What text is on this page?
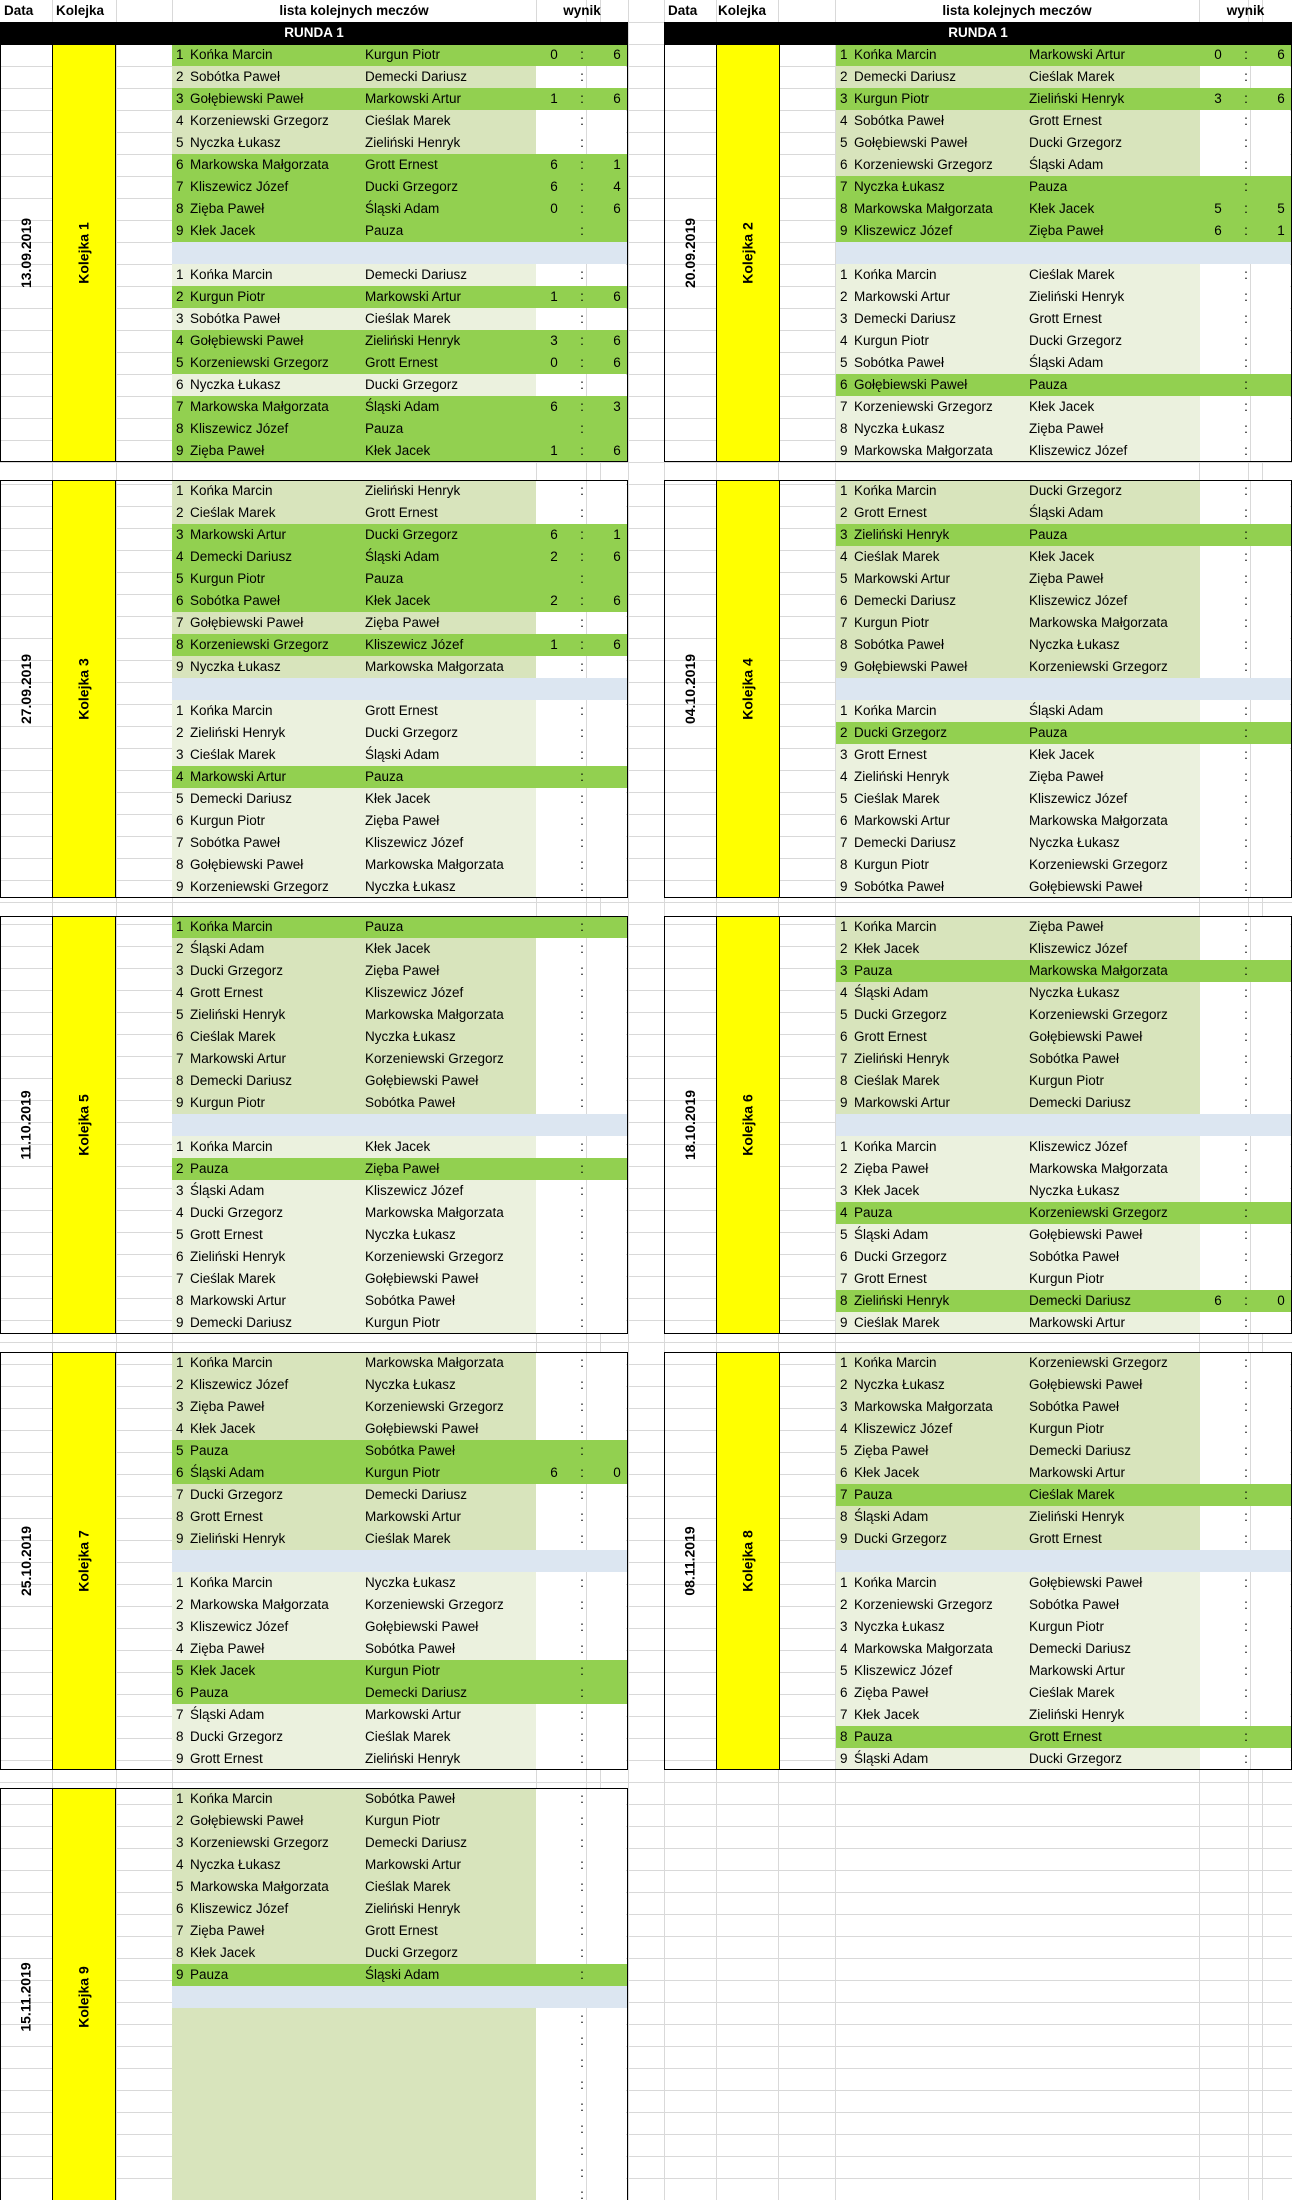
Data	Kolejka	lista kolejnych meczów	wynik	Data	Kolejka	lista kolejnych meczów	wynik
RUNDA 1	RUNDA 1
13.09.2019	Kolejka 1
1 Końka Marcin	Kurgun Piotr	0	:	6
2 Sobótka Paweł	Demecki Dariusz	:
3 Gołębiewski Paweł	Markowski Artur	1	:	6
4 Korzeniewski Grzegorz	Cieślak Marek	:
5 Nyczka Łukasz	Zieliński Henryk	:
6 Markowska Małgorzata	Grott Ernest	6	:	1
7 Kliszewicz Józef	Ducki Grzegorz	6	:	4
8 Zięba Paweł	Śląski Adam	0	:	6
9 Kłek Jacek	Pauza	:
1 Końka Marcin	Demecki Dariusz	:
2 Kurgun Piotr	Markowski Artur	1	:	6
3 Sobótka Paweł	Cieślak Marek	:
4 Gołębiewski Paweł	Zieliński Henryk	3	:	6
5 Korzeniewski Grzegorz	Grott Ernest	0	:	6
6 Nyczka Łukasz	Ducki Grzegorz	:
7 Markowska Małgorzata	Śląski Adam	6	:	3
8 Kliszewicz Józef	Pauza	:
9 Zięba Paweł	Kłek Jacek	1	:	6
20.09.2019	Kolejka 2
1 Końka Marcin	Markowski Artur	0	:	6
2 Demecki Dariusz	Cieślak Marek	:
3 Kurgun Piotr	Zieliński Henryk	3	:	6
4 Sobótka Paweł	Grott Ernest	:
5 Gołębiewski Paweł	Ducki Grzegorz	:
6 Korzeniewski Grzegorz	Śląski Adam	:
7 Nyczka Łukasz	Pauza	:
8 Markowska Małgorzata	Kłek Jacek	5	:	5
9 Kliszewicz Józef	Zięba Paweł	6	:	1
1 Końka Marcin	Cieślak Marek	:
2 Markowski Artur	Zieliński Henryk	:
3 Demecki Dariusz	Grott Ernest	:
4 Kurgun Piotr	Ducki Grzegorz	:
5 Sobótka Paweł	Śląski Adam	:
6 Gołębiewski Paweł	Pauza	:
7 Korzeniewski Grzegorz	Kłek Jacek	:
8 Nyczka Łukasz	Zięba Paweł	:
9 Markowska Małgorzata	Kliszewicz Józef	:
27.09.2019	Kolejka 3
1 Końka Marcin	Zieliński Henryk	:
2 Cieślak Marek	Grott Ernest	:
3 Markowski Artur	Ducki Grzegorz	6	:	1
4 Demecki Dariusz	Śląski Adam	2	:	6
5 Kurgun Piotr	Pauza	:
6 Sobótka Paweł	Kłek Jacek	2	:	6
7 Gołębiewski Paweł	Zięba Paweł	:
8 Korzeniewski Grzegorz	Kliszewicz Józef	1	:	6
9 Nyczka Łukasz	Markowska Małgorzata	:
1 Końka Marcin	Grott Ernest	:
2 Zieliński Henryk	Ducki Grzegorz	:
3 Cieślak Marek	Śląski Adam	:
4 Markowski Artur	Pauza	:
5 Demecki Dariusz	Kłek Jacek	:
6 Kurgun Piotr	Zięba Paweł	:
7 Sobótka Paweł	Kliszewicz Józef	:
8 Gołębiewski Paweł	Markowska Małgorzata	:
9 Korzeniewski Grzegorz	Nyczka Łukasz	:
04.10.2019	Kolejka 4
1 Końka Marcin	Ducki Grzegorz	:
2 Grott Ernest	Śląski Adam	:
3 Zieliński Henryk	Pauza	:
4 Cieślak Marek	Kłek Jacek	:
5 Markowski Artur	Zięba Paweł	:
6 Demecki Dariusz	Kliszewicz Józef	:
7 Kurgun Piotr	Markowska Małgorzata	:
8 Sobótka Paweł	Nyczka Łukasz	:
9 Gołębiewski Paweł	Korzeniewski Grzegorz	:
1 Końka Marcin	Śląski Adam	:
2 Ducki Grzegorz	Pauza	:
3 Grott Ernest	Kłek Jacek	:
4 Zieliński Henryk	Zięba Paweł	:
5 Cieślak Marek	Kliszewicz Józef	:
6 Markowski Artur	Markowska Małgorzata	:
7 Demecki Dariusz	Nyczka Łukasz	:
8 Kurgun Piotr	Korzeniewski Grzegorz	:
9 Sobótka Paweł	Gołębiewski Paweł	:
11.10.2019	Kolejka 5
1 Końka Marcin	Pauza	:
2 Śląski Adam	Kłek Jacek	:
3 Ducki Grzegorz	Zięba Paweł	:
4 Grott Ernest	Kliszewicz Józef	:
5 Zieliński Henryk	Markowska Małgorzata	:
6 Cieślak Marek	Nyczka Łukasz	:
7 Markowski Artur	Korzeniewski Grzegorz	:
8 Demecki Dariusz	Gołębiewski Paweł	:
9 Kurgun Piotr	Sobótka Paweł	:
1 Końka Marcin	Kłek Jacek	:
2 Pauza	Zięba Paweł	:
3 Śląski Adam	Kliszewicz Józef	:
4 Ducki Grzegorz	Markowska Małgorzata	:
5 Grott Ernest	Nyczka Łukasz	:
6 Zieliński Henryk	Korzeniewski Grzegorz	:
7 Cieślak Marek	Gołębiewski Paweł	:
8 Markowski Artur	Sobótka Paweł	:
9 Demecki Dariusz	Kurgun Piotr	:
18.10.2019	Kolejka 6
1 Końka Marcin	Zięba Paweł	:
2 Kłek Jacek	Kliszewicz Józef	:
3 Pauza	Markowska Małgorzata	:
4 Śląski Adam	Nyczka Łukasz	:
5 Ducki Grzegorz	Korzeniewski Grzegorz	:
6 Grott Ernest	Gołębiewski Paweł	:
7 Zieliński Henryk	Sobótka Paweł	:
8 Cieślak Marek	Kurgun Piotr	:
9 Markowski Artur	Demecki Dariusz	:
1 Końka Marcin	Kliszewicz Józef	:
2 Zięba Paweł	Markowska Małgorzata	:
3 Kłek Jacek	Nyczka Łukasz	:
4 Pauza	Korzeniewski Grzegorz	:
5 Śląski Adam	Gołębiewski Paweł	:
6 Ducki Grzegorz	Sobótka Paweł	:
7 Grott Ernest	Kurgun Piotr	:
8 Zieliński Henryk	Demecki Dariusz	6	:	0
9 Cieślak Marek	Markowski Artur	:
25.10.2019	Kolejka 7
1 Końka Marcin	Markowska Małgorzata	:
2 Kliszewicz Józef	Nyczka Łukasz	:
3 Zięba Paweł	Korzeniewski Grzegorz	:
4 Kłek Jacek	Gołębiewski Paweł	:
5 Pauza	Sobótka Paweł	:
6 Śląski Adam	Kurgun Piotr	6	:	0
7 Ducki Grzegorz	Demecki Dariusz	:
8 Grott Ernest	Markowski Artur	:
9 Zieliński Henryk	Cieślak Marek	:
1 Końka Marcin	Nyczka Łukasz	:
2 Markowska Małgorzata	Korzeniewski Grzegorz	:
3 Kliszewicz Józef	Gołębiewski Paweł	:
4 Zięba Paweł	Sobótka Paweł	:
5 Kłek Jacek	Kurgun Piotr	:
6 Pauza	Demecki Dariusz	:
7 Śląski Adam	Markowski Artur	:
8 Ducki Grzegorz	Cieślak Marek	:
9 Grott Ernest	Zieliński Henryk	:
08.11.2019	Kolejka 8
1 Końka Marcin	Korzeniewski Grzegorz	:
2 Nyczka Łukasz	Gołębiewski Paweł	:
3 Markowska Małgorzata	Sobótka Paweł	:
4 Kliszewicz Józef	Kurgun Piotr	:
5 Zięba Paweł	Demecki Dariusz	:
6 Kłek Jacek	Markowski Artur	:
7 Pauza	Cieślak Marek	:
8 Śląski Adam	Zieliński Henryk	:
9 Ducki Grzegorz	Grott Ernest	:
1 Końka Marcin	Gołębiewski Paweł	:
2 Korzeniewski Grzegorz	Sobótka Paweł	:
3 Nyczka Łukasz	Kurgun Piotr	:
4 Markowska Małgorzata	Demecki Dariusz	:
5 Kliszewicz Józef	Markowski Artur	:
6 Zięba Paweł	Cieślak Marek	:
7 Kłek Jacek	Zieliński Henryk	:
8 Pauza	Grott Ernest	:
9 Śląski Adam	Ducki Grzegorz	:
15.11.2019	Kolejka 9
1 Końka Marcin	Sobótka Paweł	:
2 Gołębiewski Paweł	Kurgun Piotr	:
3 Korzeniewski Grzegorz	Demecki Dariusz	:
4 Nyczka Łukasz	Markowski Artur	:
5 Markowska Małgorzata	Cieślak Marek	:
6 Kliszewicz Józef	Zieliński Henryk	:
7 Zięba Paweł	Grott Ernest	:
8 Kłek Jacek	Ducki Grzegorz	:
9 Pauza	Śląski Adam	:
:
:
:
:
:
:
:
:
:
